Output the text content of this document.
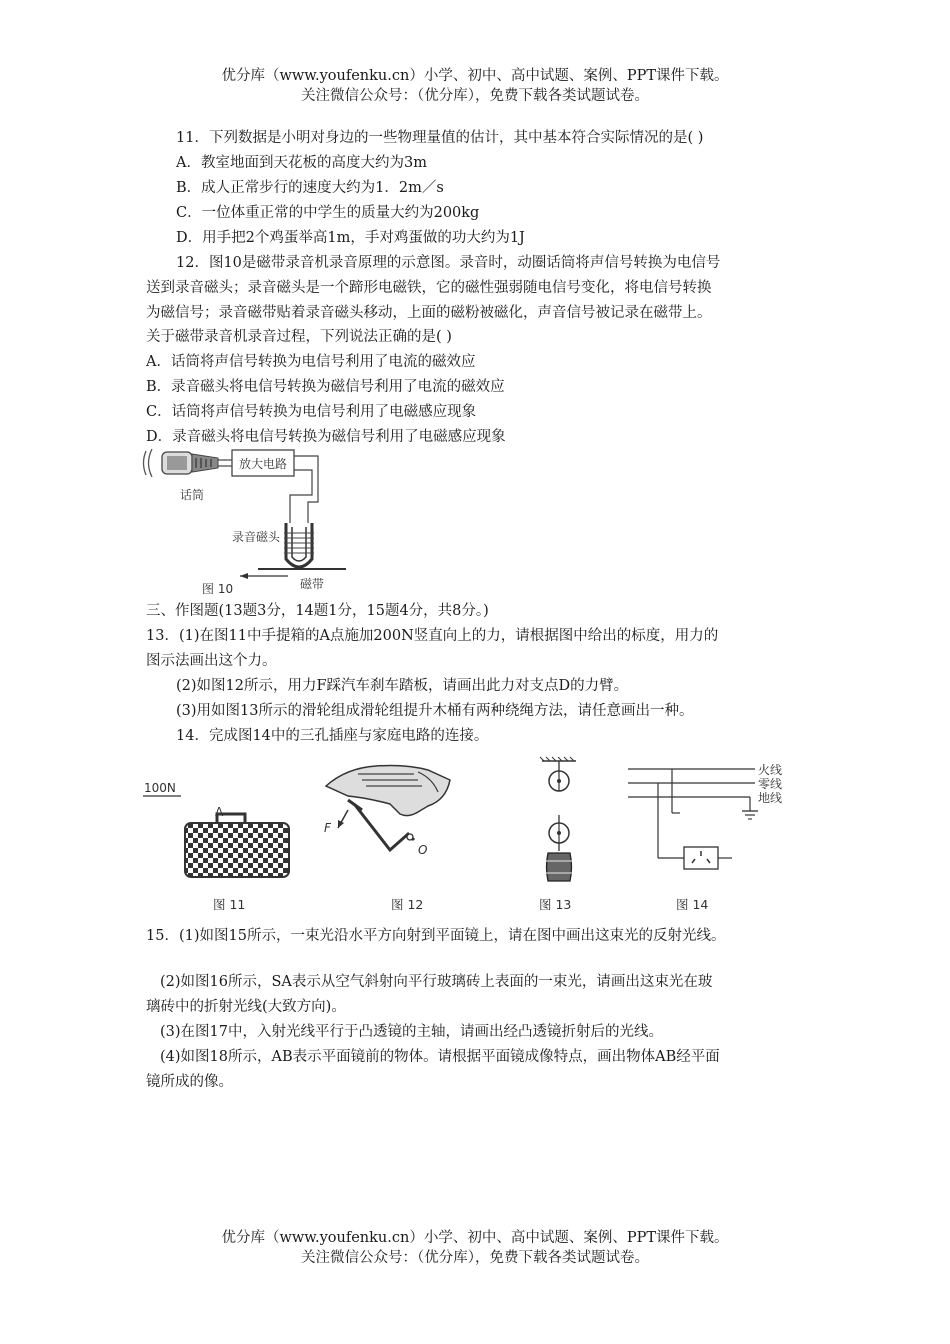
优分库（www.youfenku.cn）小学、初中、高中试题、案例、PPT课件下载。
关注微信公众号：（优分库），免费下载各类试题试卷。
11．下列数据是小明对身边的一些物理量值的估计，其中基本符合实际情况的是( )
A．教室地面到天花板的高度大约为3m
B．成人正常步行的速度大约为1．2m／s
C．一位体重正常的中学生的质量大约为200kg
D．用手把2个鸡蛋举高1m，手对鸡蛋做的功大约为1J
12．图10是磁带录音机录音原理的示意图。录音时，动圈话筒将声信号转换为电信号
送到录音磁头；录音磁头是一个蹄形电磁铁，它的磁性强弱随电信号变化，将电信号转换
为磁信号；录音磁带贴着录音磁头移动，上面的磁粉被磁化，声音信号被记录在磁带上。
关于磁带录音机录音过程，下列说法正确的是( )
A．话筒将声信号转换为电信号利用了电流的磁效应
B．录音磁头将电信号转换为磁信号利用了电流的磁效应
C．话筒将声信号转换为电信号利用了电磁感应现象
D．录音磁头将电信号转换为磁信号利用了电磁感应现象
放大电路
话筒
录音磁头
磁带
图 10
三、作图题(13题3分，14题1分，15题4分，共8分。)
13．(1)在图11中手提箱的A点施加200N竖直向上的力，请根据图中给出的标度，用力的
图示法画出这个力。
(2)如图12所示，用力F踩汽车刹车踏板，请画出此力对支点D的力臂。
(3)用如图13所示的滑轮组成滑轮组提升木桶有两种绕绳方法，请任意画出一种。
14．完成图14中的三孔插座与家庭电路的连接。
100N
A
F
O
火线
零线
地线
图 11	图 12	图 13	图 14
15．(1)如图15所示，一束光沿水平方向射到平面镜上，请在图中画出这束光的反射光线。
(2)如图16所示，SA表示从空气斜射向平行玻璃砖上表面的一束光，请画出这束光在玻
璃砖中的折射光线(大致方向)。
(3)在图17中，入射光线平行于凸透镜的主轴，请画出经凸透镜折射后的光线。
(4)如图18所示，AB表示平面镜前的物体。请根据平面镜成像特点，画出物体AB经平面
镜所成的像。
优分库（www.youfenku.cn）小学、初中、高中试题、案例、PPT课件下载。
关注微信公众号：（优分库），免费下载各类试题试卷。
